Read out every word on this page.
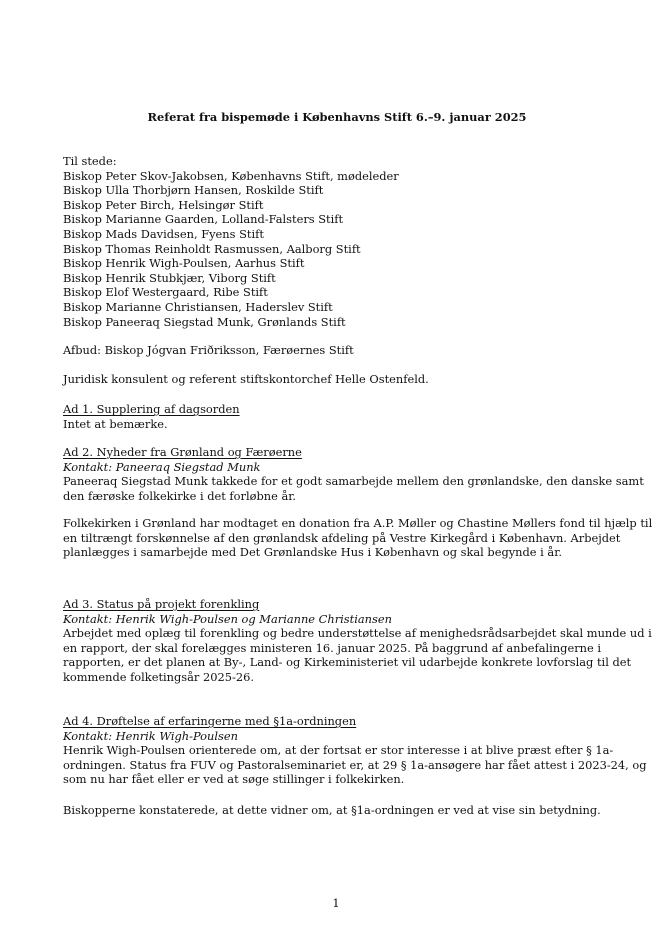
Referat fra bispemøde i Københavns Stift 6.–9. januar 2025
Til stede:
Biskop Peter Skov-Jakobsen, Københavns Stift, mødeleder
Biskop Ulla Thorbjørn Hansen, Roskilde Stift
Biskop Peter Birch, Helsingør Stift
Biskop Marianne Gaarden, Lolland-Falsters Stift
Biskop Mads Davidsen, Fyens Stift
Biskop Thomas Reinholdt Rasmussen, Aalborg Stift
Biskop Henrik Wigh-Poulsen, Aarhus Stift
Biskop Henrik Stubkjær, Viborg Stift
Biskop Elof Westergaard, Ribe Stift
Biskop Marianne Christiansen, Haderslev Stift
Biskop Paneeraq Siegstad Munk, Grønlands Stift
Afbud: Biskop Jógvan Friðriksson, Færøernes Stift
Juridisk konsulent og referent stiftskontorchef Helle Ostenfeld.
Ad 1. Supplering af dagsorden
Intet at bemærke.
Ad 2. Nyheder fra Grønland og Færøerne
Kontakt: Paneeraq Siegstad Munk
Paneeraq Siegstad Munk takkede for et godt samarbejde mellem den grønlandske, den danske samt
den færøske folkekirke i det forløbne år.
Folkekirken i Grønland har modtaget en donation fra A.P. Møller og Chastine Møllers fond til hjælp til
en tiltrængt forskønnelse af den grønlandsk afdeling på Vestre Kirkegård i København. Arbejdet
planlægges i samarbejde med Det Grønlandske Hus i København og skal begynde i år.
Ad 3. Status på projekt forenkling
Kontakt: Henrik Wigh-Poulsen og Marianne Christiansen
Arbejdet med oplæg til forenkling og bedre understøttelse af menighedsrådsarbejdet skal munde ud i
en rapport, der skal forelægges ministeren 16. januar 2025. På baggrund af anbefalingerne i
rapporten, er det planen at By-, Land- og Kirkeministeriet vil udarbejde konkrete lovforslag til det
kommende folketingsår 2025-26.
Ad 4. Drøftelse af erfaringerne med §1a-ordningen
Kontakt: Henrik Wigh-Poulsen
Henrik Wigh-Poulsen orienterede om, at der fortsat er stor interesse i at blive præst efter § 1a-
ordningen. Status fra FUV og Pastoralseminariet er, at 29 § 1a-ansøgere har fået attest i 2023-24, og
som nu har fået eller er ved at søge stillinger i folkekirken.
Biskopperne konstaterede, at dette vidner om, at §1a-ordningen er ved at vise sin betydning.
1
